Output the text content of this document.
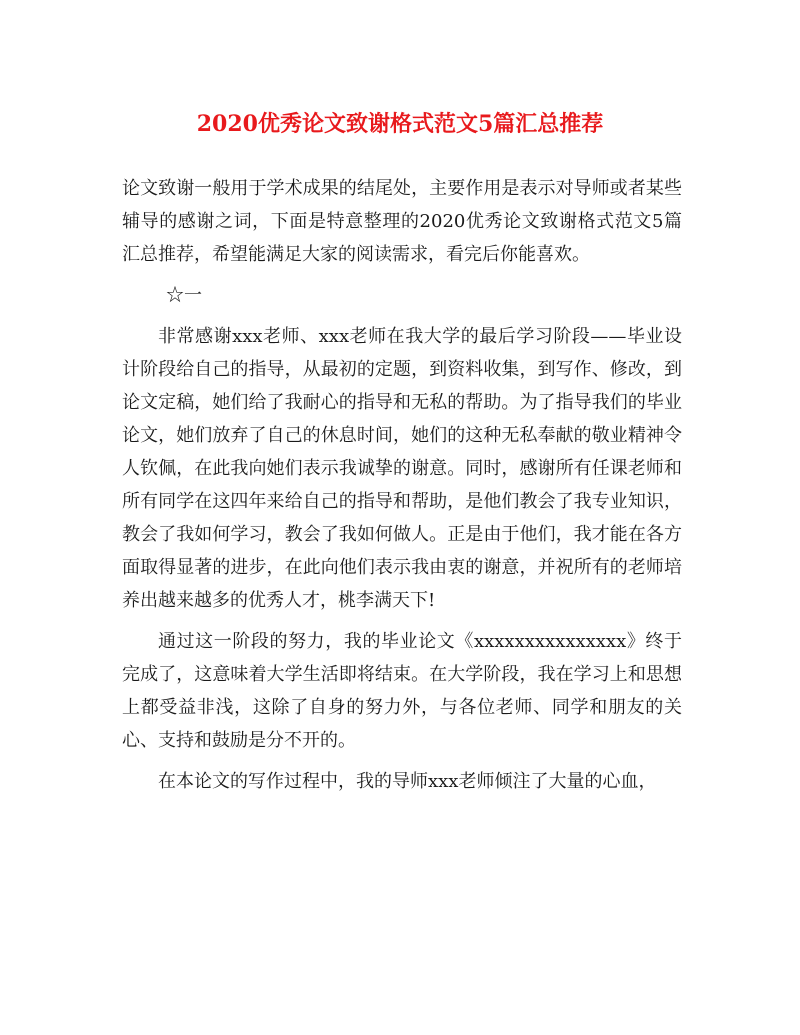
2020优秀论文致谢格式范文5篇汇总推荐

论文致谢一般用于学术成果的结尾处，主要作用是表示对导师或者某些辅导的感谢之词，下面是特意整理的2020优秀论文致谢格式范文5篇汇总推荐，希望能满足大家的阅读需求，看完后你能喜欢。

☆一

非常感谢xxx老师、xxx老师在我大学的最后学习阶段——毕业设计阶段给自己的指导，从最初的定题，到资料收集，到写作、修改，到论文定稿，她们给了我耐心的指导和无私的帮助。为了指导我们的毕业论文，她们放弃了自己的休息时间，她们的这种无私奉献的敬业精神令人钦佩，在此我向她们表示我诚挚的谢意。同时，感谢所有任课老师和所有同学在这四年来给自己的指导和帮助，是他们教会了我专业知识，教会了我如何学习，教会了我如何做人。正是由于他们，我才能在各方面取得显著的进步，在此向他们表示我由衷的谢意，并祝所有的老师培养出越来越多的优秀人才，桃李满天下!

通过这一阶段的努力，我的毕业论文《xxxxxxxxxxxxxxx》终于完成了，这意味着大学生活即将结束。在大学阶段，我在学习上和思想上都受益非浅，这除了自身的努力外，与各位老师、同学和朋友的关心、支持和鼓励是分不开的。

在本论文的写作过程中，我的导师xxx老师倾注了大量的心血，
